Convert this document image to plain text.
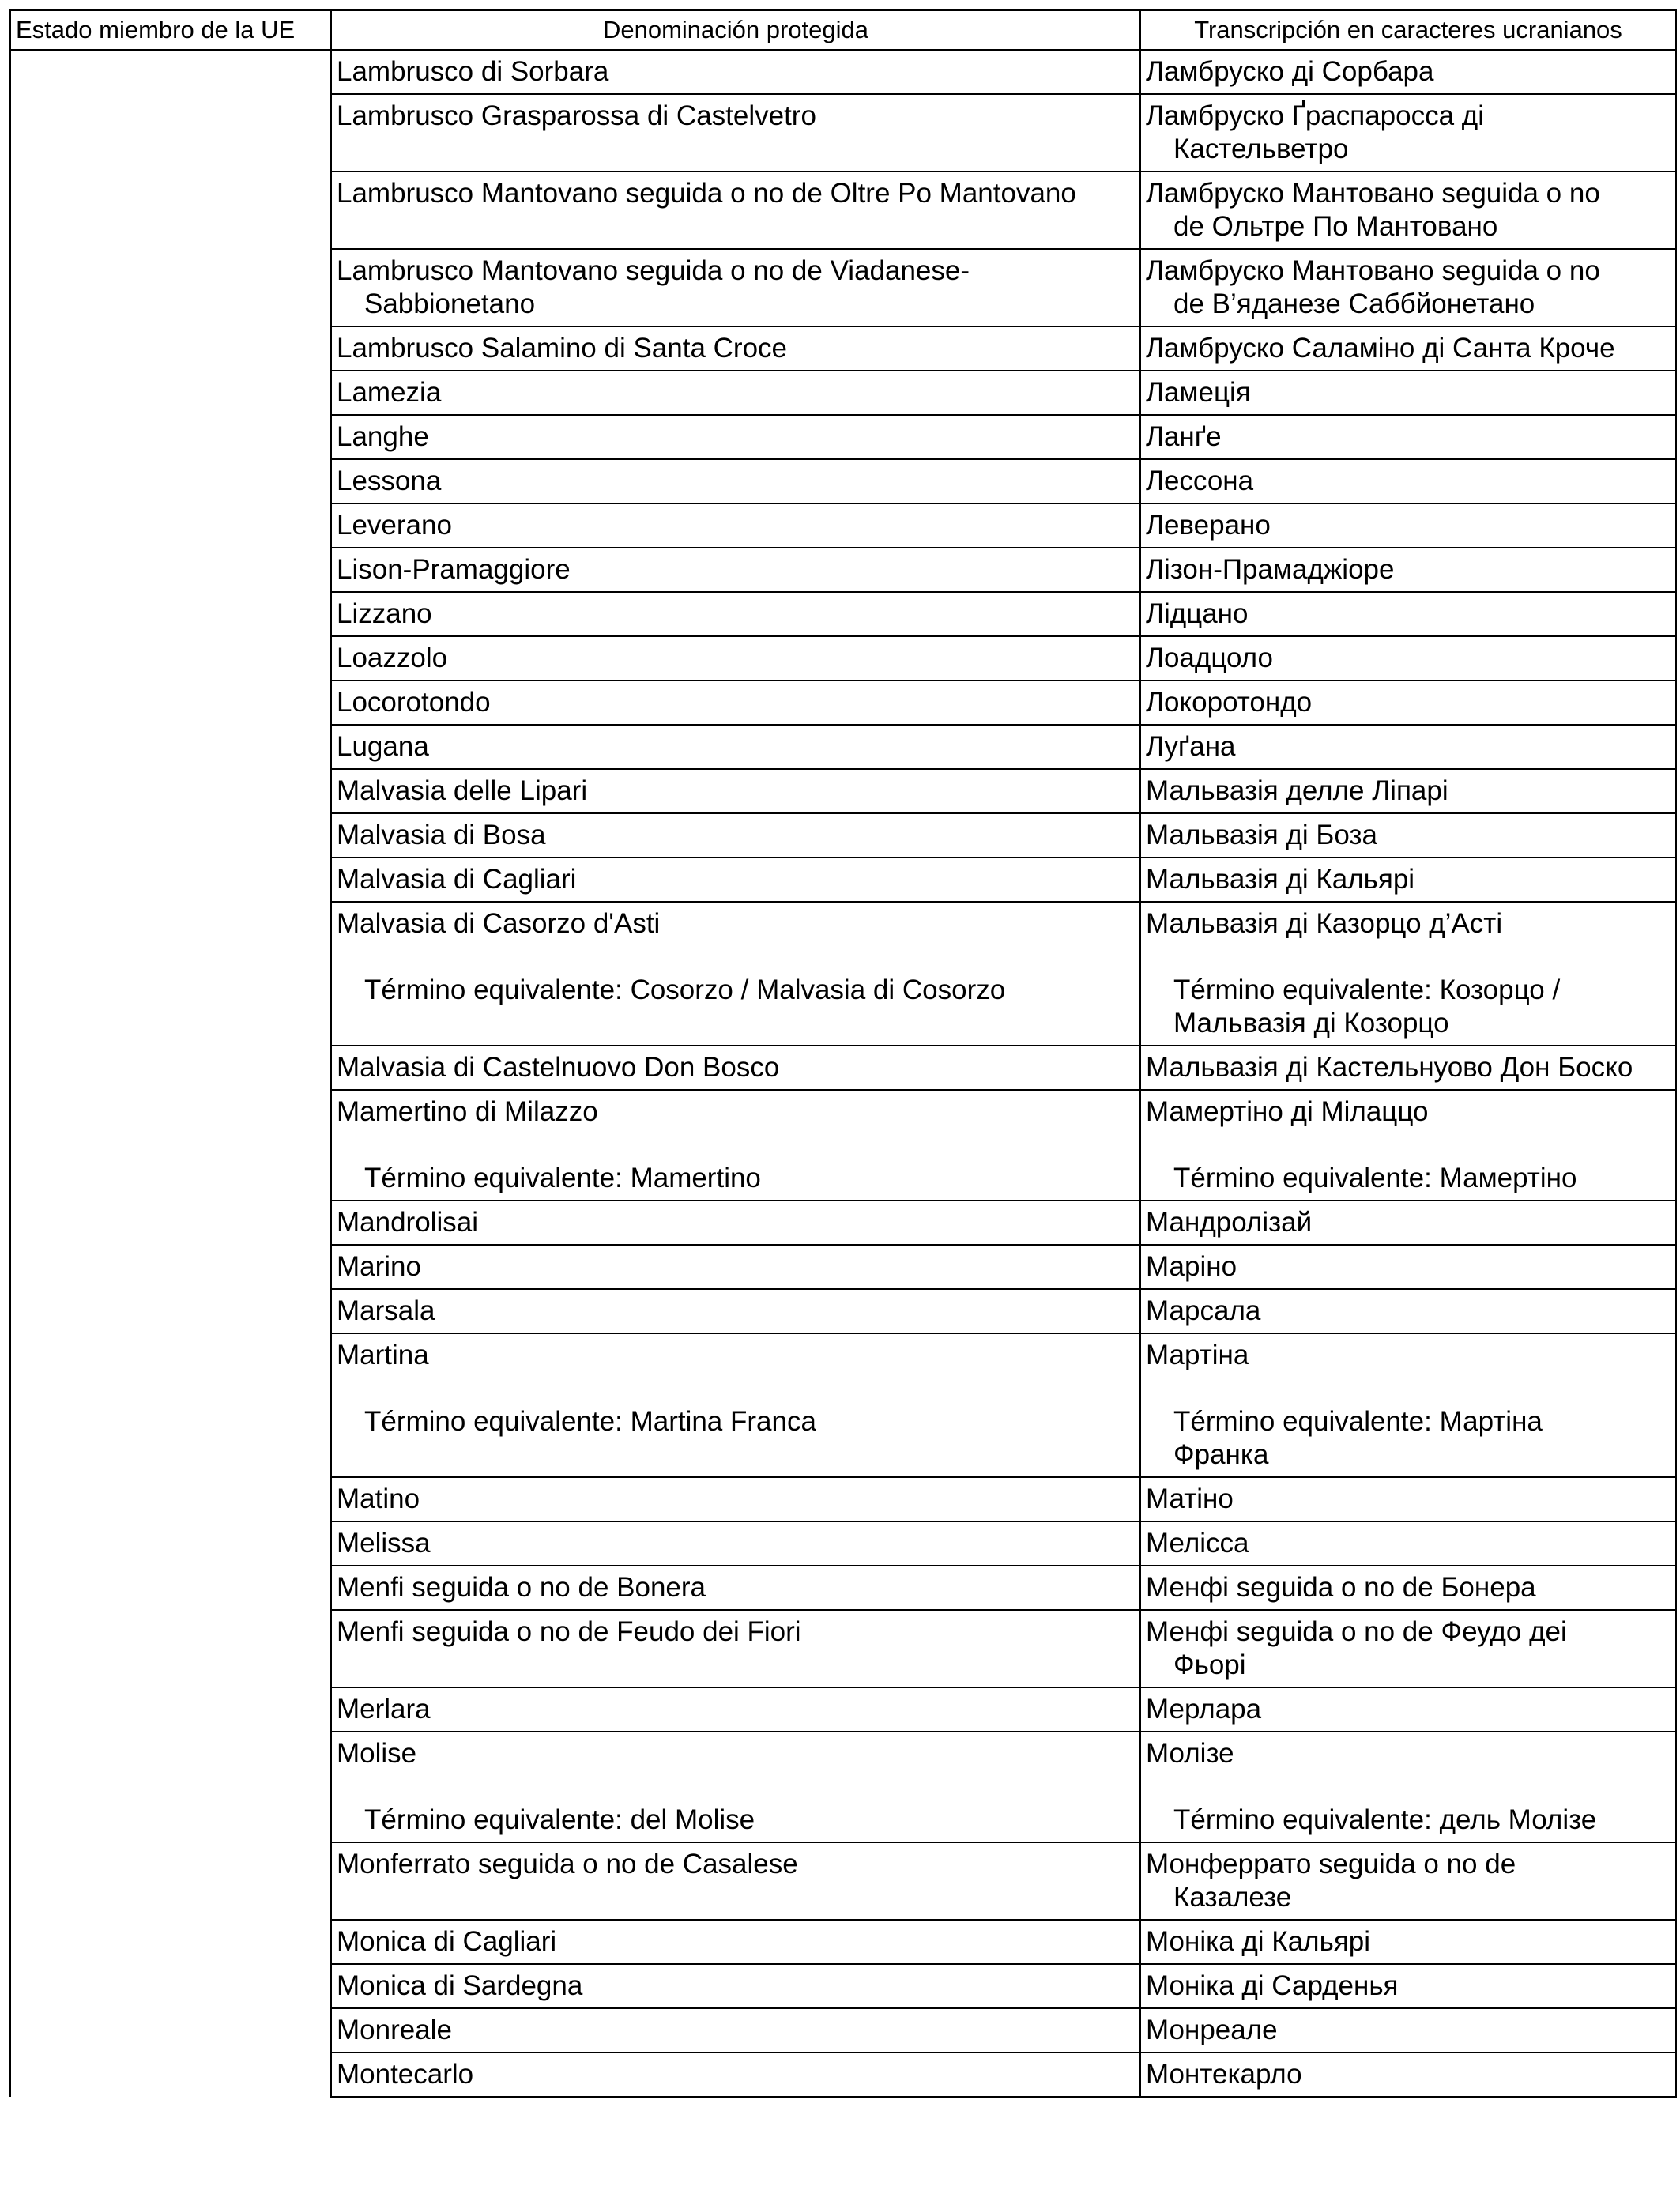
Estado miembro de la UE	Denominación protegida	Transcripción en caracteres ucranianos

	Lambrusco di Sorbara	Ламбруско ді Сорбара

	Lambrusco Grasparossa di Castelvetro	Ламбруско Ґраспаросса ді
Кастельветро

	Lambrusco Mantovano seguida o no de Oltre Po Mantovano	Ламбруско Мантовано seguida o no
de Ольтре По Мантовано

	Lambrusco Mantovano seguida o no de Viadanese-
Sabbionetano	Ламбруско Мантовано seguida o no
de В’яданезе Саббйонетано

	Lambrusco Salamino di Santa Croce	Ламбруско Саламіно ді Санта Кроче

	Lamezia	Ламеція

	Langhe	Ланґе

	Lessona	Лессона

	Leverano	Леверано

	Lison-Pramaggiore	Лізон-Прамаджіоре

	Lizzano	Лідцано

	Loazzolo	Лоадцоло

	Locorotondo	Локоротондо

	Lugana	Луґана

	Malvasia delle Lipari	Мальвазія делле Ліпарі

	Malvasia di Bosa	Мальвазія ді Боза

	Malvasia di Cagliari	Мальвазія ді Кальярі

	Malvasia di Casorzo d'Asti
Término equivalente: Cosorzo / Malvasia di Cosorzo	Мальвазія ді Казорцо д’Асті
Término equivalente: Козорцо /
Мальвазія ді Козорцо

	Malvasia di Castelnuovo Don Bosco	Мальвазія ді Кастельнуово Дон Боско

	Mamertino di Milazzo
Término equivalente: Mamertino	Мамертіно ді Мілаццо
Término equivalente: Мамертіно

	Mandrolisai	Мандролізай

	Marino	Маріно

	Marsala	Марсала

	Martina
Término equivalente: Martina Franca	Мартіна
Término equivalente: Мартіна
Франка

	Matino	Матіно

	Melissa	Мелісса

	Menfi seguida o no de Bonera	Менфі seguida o no de Бонера

	Menfi seguida o no de Feudo dei Fiori	Менфі seguida o no de Феудо деі
Фьорі

	Merlara	Мерлара

	Molise
Término equivalente: del Molise	Молізе
Término equivalente: дель Молізе

	Monferrato seguida o no de Casalese	Монферрато seguida o no de
Казалезе

	Monica di Cagliari	Моніка ді Кальярі

	Monica di Sardegna	Моніка ді Сарденья

	Monreale	Монреале

	Montecarlo	Монтекарло
